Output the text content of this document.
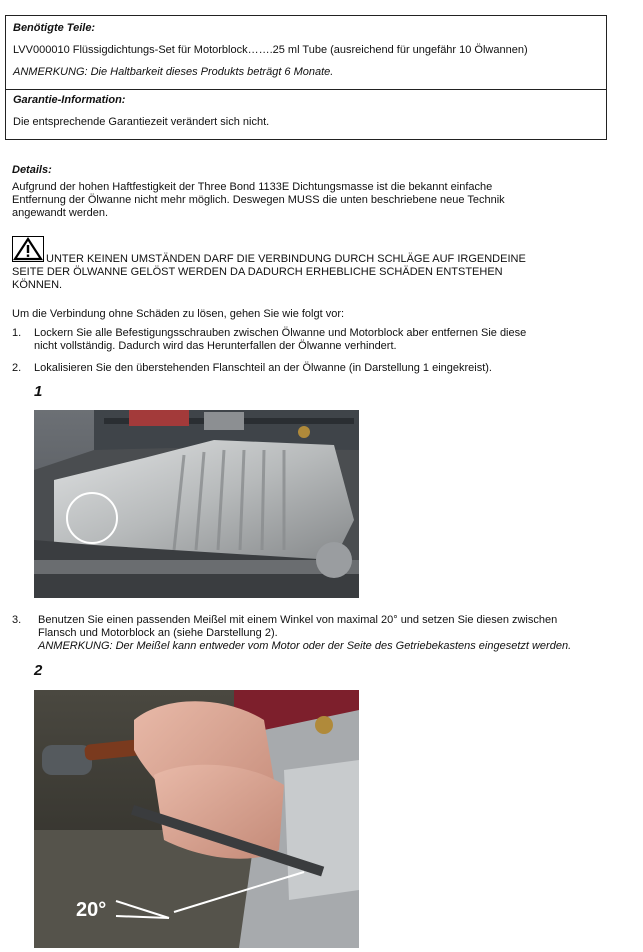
Benötigte Teile:
LVV000010 Flüssigdichtungs-Set für Motorblock…….25 ml Tube (ausreichend für ungefähr 10 Ölwannen)
ANMERKUNG: Die Haltbarkeit dieses Produkts beträgt 6 Monate.
Garantie-Information:
Die entsprechende Garantiezeit verändert sich nicht.
Details:
Aufgrund der hohen Haftfestigkeit der Three Bond 1133E Dichtungsmasse ist die bekannt einfache
Entfernung der Ölwanne nicht mehr möglich. Deswegen MUSS die unten beschriebene neue Technik
angewandt werden.
UNTER KEINEN UMSTÄNDEN DARF DIE VERBINDUNG DURCH SCHLÄGE AUF IRGENDEINE
SEITE DER ÖLWANNE GELÖST WERDEN DA DADURCH ERHEBLICHE SCHÄDEN ENTSTEHEN
KÖNNEN.
Um die Verbindung ohne Schäden zu lösen, gehen Sie wie folgt vor:
1. Lockern Sie alle Befestigungsschrauben zwischen Ölwanne und Motorblock aber entfernen Sie diese
nicht vollständig. Dadurch wird das Herunterfallen der Ölwanne verhindert.
2. Lokalisieren Sie den überstehenden Flanschteil an der Ölwanne (in Darstellung 1 eingekreist).
1
3. Benutzen Sie einen passenden Meißel mit einem Winkel von maximal 20° und setzen Sie diesen zwischen
Flansch und Motorblock an (siehe Darstellung 2).
ANMERKUNG: Der Meißel kann entweder vom Motor oder der Seite des Getriebekastens eingesetzt werden.
2
20°
